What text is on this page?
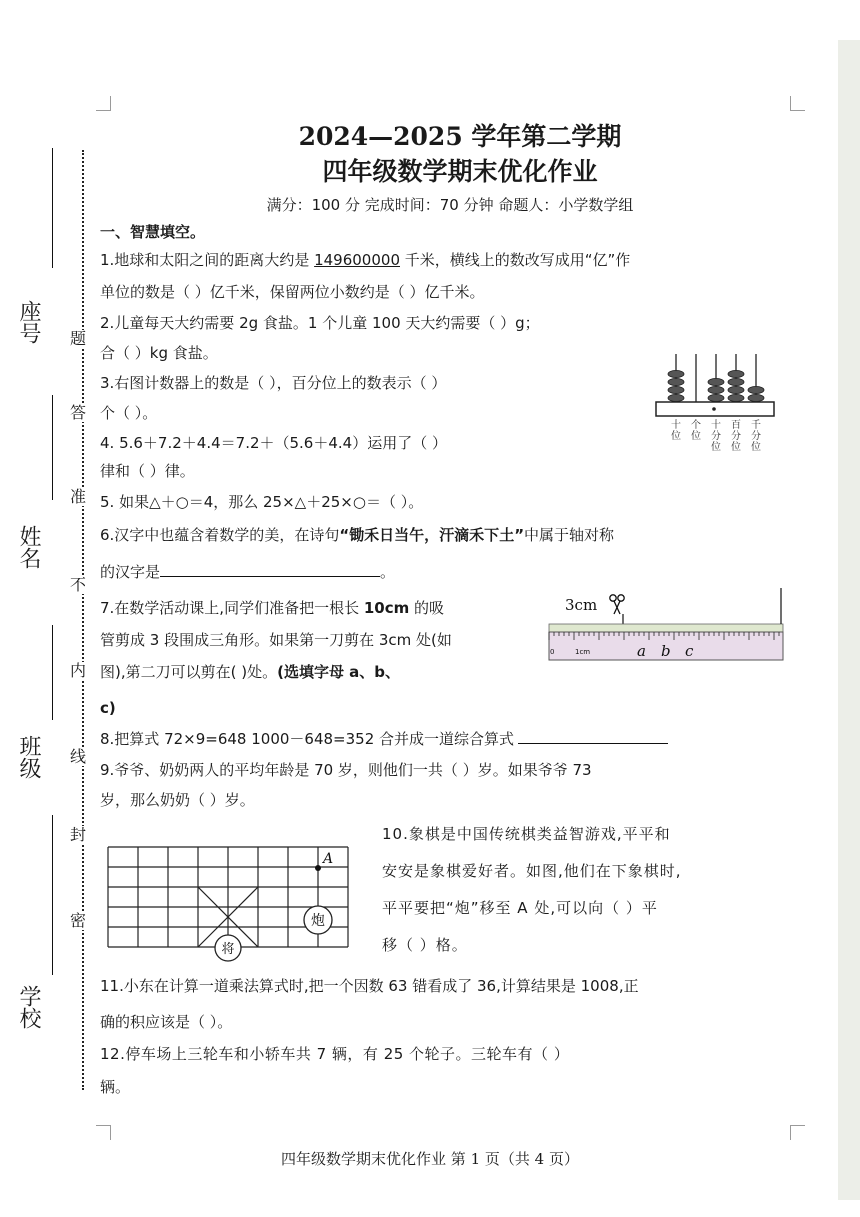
座号
姓名
班级
学校
题
答
准
不
内
线
封
密
2024—2025 学年第二学期
四年级数学期末优化作业
满分：100 分 完成时间：70 分钟 命题人：小学数学组
一、智慧填空。
1.地球和太阳之间的距离大约是 149600000 千米，横线上的数改写成用“亿”作
单位的数是（ ）亿千米，保留两位小数约是（ ）亿千米。
2.儿童每天大约需要 2g 食盐。1 个儿童 100 天大约需要（ ）g；
合（ ）kg 食盐。
3.右图计数器上的数是（ ），百分位上的数表示（ ）
个（ ）。
十
位
个
位
十
分
位
百
分
位
千
分
位
4. 5.6＋7.2＋4.4＝7.2＋（5.6＋4.4）运用了（ ）
律和（ ）律。
5. 如果△＋○＝4，那么 25×△＋25×○＝（ ）。
6.汉字中也蕴含着数学的美，在诗句“锄禾日当午，汗滴禾下土”中属于轴对称
的汉字是	。
7.在数学活动课上,同学们准备把一根长 10cm 的吸
管剪成 3 段围成三角形。如果第一刀剪在 3cm 处(如
图),第二刀可以剪在( )处。(选填字母 a、b、
c)
3cm
0	1cm	a b c
8.把算式 72×9=648 1000－648=352 合并成一道综合算式
9.爷爷、奶奶两人的平均年龄是 70 岁，则他们一共（ ）岁。如果爷爷 73
岁，那么奶奶（ ）岁。
A
炮
将
10.象棋是中国传统棋类益智游戏,平平和
安安是象棋爱好者。如图,他们在下象棋时,
平平要把“炮”移至 A 处,可以向（ ）平
移（ ）格。
11.小东在计算一道乘法算式时,把一个因数 63 错看成了 36,计算结果是 1008,正
确的积应该是（ ）。
12.停车场上三轮车和小轿车共 7 辆，有 25 个轮子。三轮车有（ ）
辆。
四年级数学期末优化作业 第 1 页（共 4 页）
